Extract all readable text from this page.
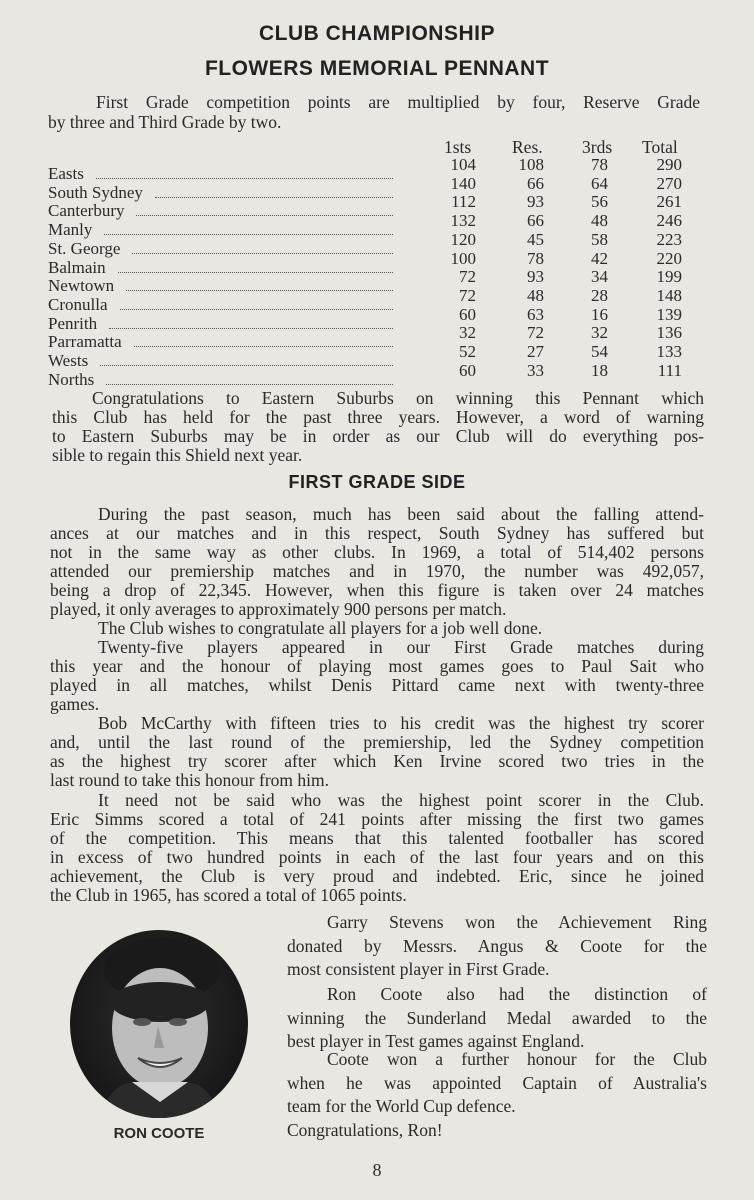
CLUB CHAMPIONSHIP
FLOWERS MEMORIAL PENNANT
First Grade competition points are multiplied by four, Reserve Grade
by three and Third Grade by two.
1sts Res. 3rds Total
Easts	104	108	78	290
South Sydney	140	66	64	270
Canterbury	112	93	56	261
Manly	132	66	48	246
St. George	120	45	58	223
Balmain	100	78	42	220
Newtown	72	93	34	199
Cronulla	72	48	28	148
Penrith	60	63	16	139
Parramatta	32	72	32	136
Wests	52	27	54	133
Norths	60	33	18	111
Congratulations to Eastern Suburbs on winning this Pennant which
this Club has held for the past three years. However, a word of warning
to Eastern Suburbs may be in order as our Club will do everything pos-
sible to regain this Shield next year.
FIRST GRADE SIDE
During the past season, much has been said about the falling attend-
ances at our matches and in this respect, South Sydney has suffered but
not in the same way as other clubs. In 1969, a total of 514,402 persons
attended our premiership matches and in 1970, the number was 492,057,
being a drop of 22,345. However, when this figure is taken over 24 matches
played, it only averages to approximately 900 persons per match.
The Club wishes to congratulate all players for a job well done.
Twenty-five players appeared in our First Grade matches during
this year and the honour of playing most games goes to Paul Sait who
played in all matches, whilst Denis Pittard came next with twenty-three
games.
Bob McCarthy with fifteen tries to his credit was the highest try scorer
and, until the last round of the premiership, led the Sydney competition
as the highest try scorer after which Ken Irvine scored two tries in the
last round to take this honour from him.
It need not be said who was the highest point scorer in the Club.
Eric Simms scored a total of 241 points after missing the first two games
of the competition. This means that this talented footballer has scored
in excess of two hundred points in each of the last four years and on this
achievement, the Club is very proud and indebted. Eric, since he joined
the Club in 1965, has scored a total of 1065 points.
RON COOTE
Garry Stevens won the Achievement Ring
donated by Messrs. Angus & Coote for the
most consistent player in First Grade.
Ron Coote also had the distinction of
winning the Sunderland Medal awarded to the
best player in Test games against England.
Coote won a further honour for the Club
when he was appointed Captain of Australia's
team for the World Cup defence.
Congratulations, Ron!
8
